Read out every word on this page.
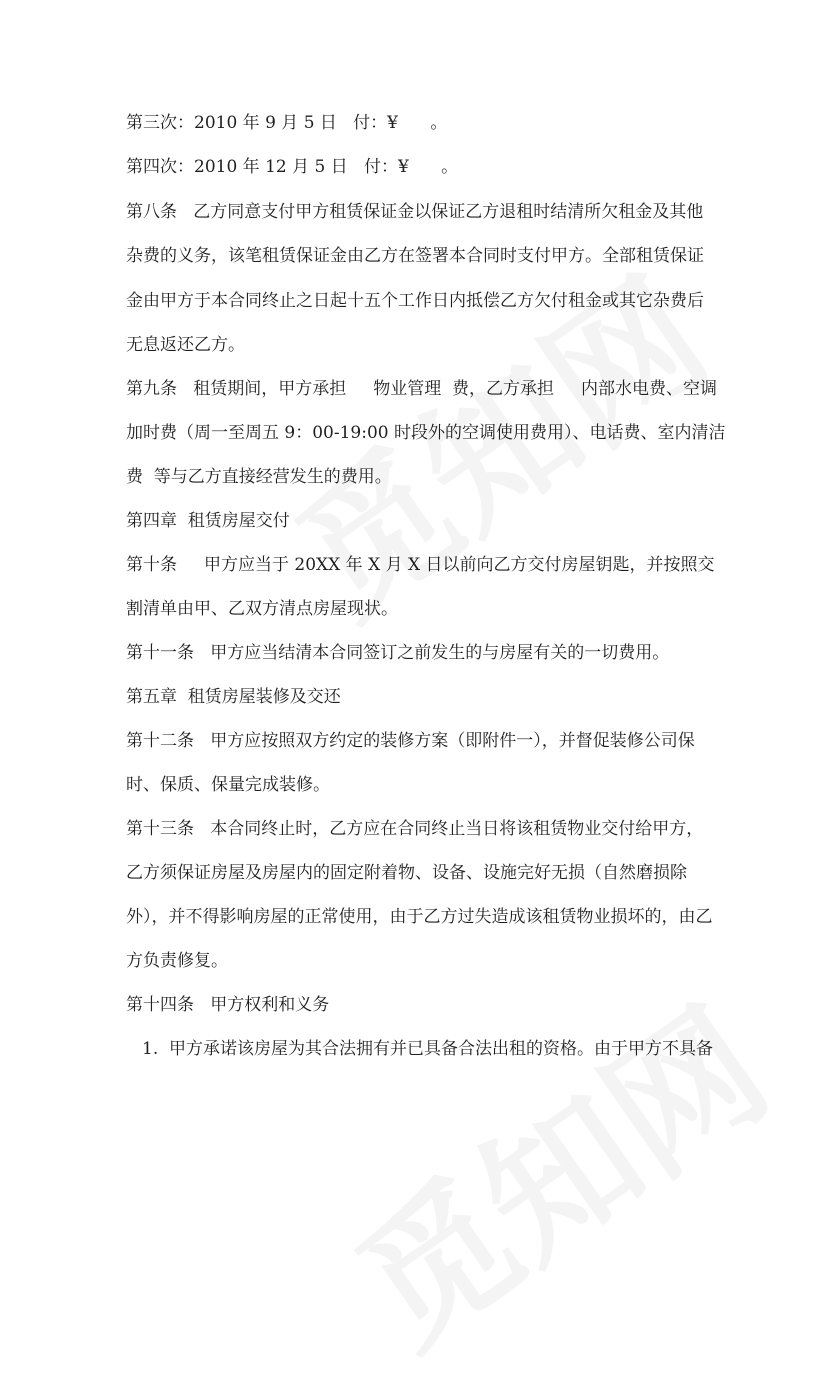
第三次：2010 年 9 月 5 日   付：¥      。

第四次：2010 年 12 月 5 日   付：¥      。

第八条   乙方同意支付甲方租赁保证金以保证乙方退租时结清所欠租金及其他

杂费的义务，该笔租赁保证金由乙方在签署本合同时支付甲方。全部租赁保证

金由甲方于本合同终止之日起十五个工作日内抵偿乙方欠付租金或其它杂费后

无息返还乙方。

第九条   租赁期间，甲方承担     物业管理  费，乙方承担     内部水电费、空调

加时费（周一至周五 9：00-19:00 时段外的空调使用费用）、电话费、室内清洁

费  等与乙方直接经营发生的费用。

第四章  租赁房屋交付

第十条     甲方应当于 20XX 年 X 月 X 日以前向乙方交付房屋钥匙，并按照交

割清单由甲、乙双方清点房屋现状。

第十一条   甲方应当结清本合同签订之前发生的与房屋有关的一切费用。

第五章  租赁房屋装修及交还

第十二条   甲方应按照双方约定的装修方案（即附件一），并督促装修公司保

时、保质、保量完成装修。

第十三条   本合同终止时，乙方应在合同终止当日将该租赁物业交付给甲方，

乙方须保证房屋及房屋内的固定附着物、设备、设施完好无损（自然磨损除

外），并不得影响房屋的正常使用，由于乙方过失造成该租赁物业损坏的，由乙

方负责修复。

第十四条   甲方权利和义务

1.  甲方承诺该房屋为其合法拥有并已具备合法出租的资格。由于甲方不具备
